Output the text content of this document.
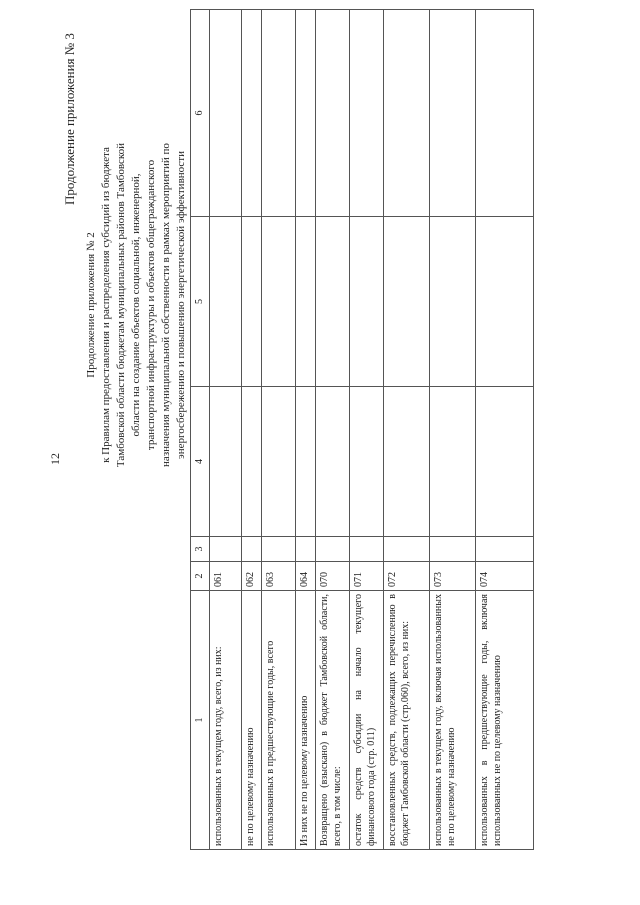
12
Продолжение приложения № 3
Продолжение приложения № 2 к Правилам предоставления и распределения субсидий из бюджета Тамбовской области бюджетам муниципальных районов Тамбовской области на создание объектов социальной, инженерной, транспортной инфраструктуры и объектов общегражданского назначения муниципальной собственности в рамках мероприятий по энергосбережению и повышению энергетической эффективности
1	2	3	4	5	6
использованных в текущем году, всего, из них:	061				
не по целевому назначению	062				
использованных в предшествующие годы, всего	063				
Из них не по целевому назначению	064				
Возвращено (взыскано) в бюджет Тамбовской области, всего, в том числе:	070				
остаток средств субсидии на начало текущего финансового года (стр. 011)	071				
восстановленных средств, подлежащих перечислению в бюджет Тамбовской области (стр.060), всего, из них:	072				
использованных в текущем году, включая использованных не по целевому назначению	073				
использованных в предшествующие годы, включая использованных не по целевому назначению	074				
